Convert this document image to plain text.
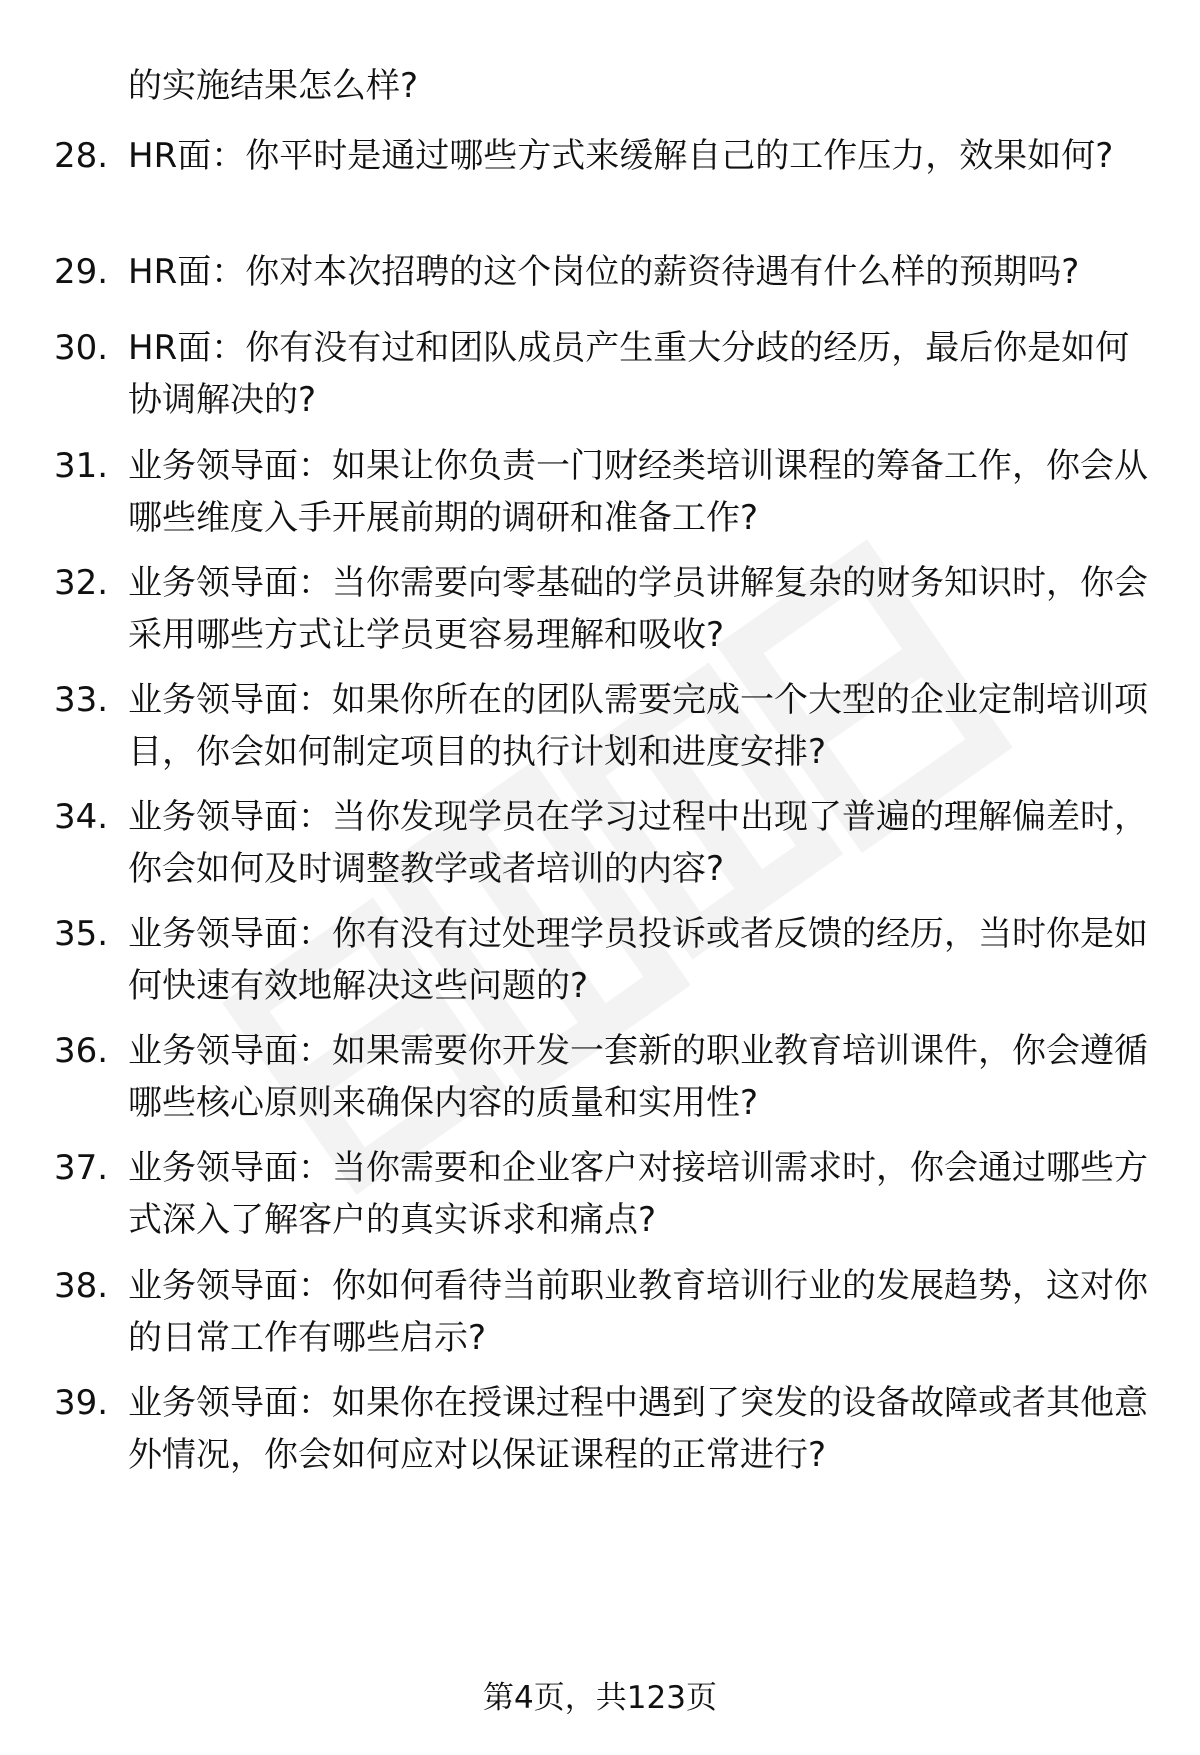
的实施结果怎么样?

28. HR面：你平时是通过哪些方式来缓解自己的工作压力，效果如何?

29. HR面：你对本次招聘的这个岗位的薪资待遇有什么样的预期吗?

30. HR面：你有没有过和团队成员产生重大分歧的经历，最后你是如何协调解决的?

31. 业务领导面：如果让你负责一门财经类培训课程的筹备工作，你会从哪些维度入手开展前期的调研和准备工作?

32. 业务领导面：当你需要向零基础的学员讲解复杂的财务知识时，你会采用哪些方式让学员更容易理解和吸收?

33. 业务领导面：如果你所在的团队需要完成一个大型的企业定制培训项目，你会如何制定项目的执行计划和进度安排?

34. 业务领导面：当你发现学员在学习过程中出现了普遍的理解偏差时，你会如何及时调整教学或者培训的内容?

35. 业务领导面：你有没有过处理学员投诉或者反馈的经历，当时你是如何快速有效地解决这些问题的?

36. 业务领导面：如果需要你开发一套新的职业教育培训课件，你会遵循哪些核心原则来确保内容的质量和实用性?

37. 业务领导面：当你需要和企业客户对接培训需求时，你会通过哪些方式深入了解客户的真实诉求和痛点?

38. 业务领导面：你如何看待当前职业教育培训行业的发展趋势，这对你的日常工作有哪些启示?

39. 业务领导面：如果你在授课过程中遇到了突发的设备故障或者其他意外情况，你会如何应对以保证课程的正常进行?

第4页，共123页
